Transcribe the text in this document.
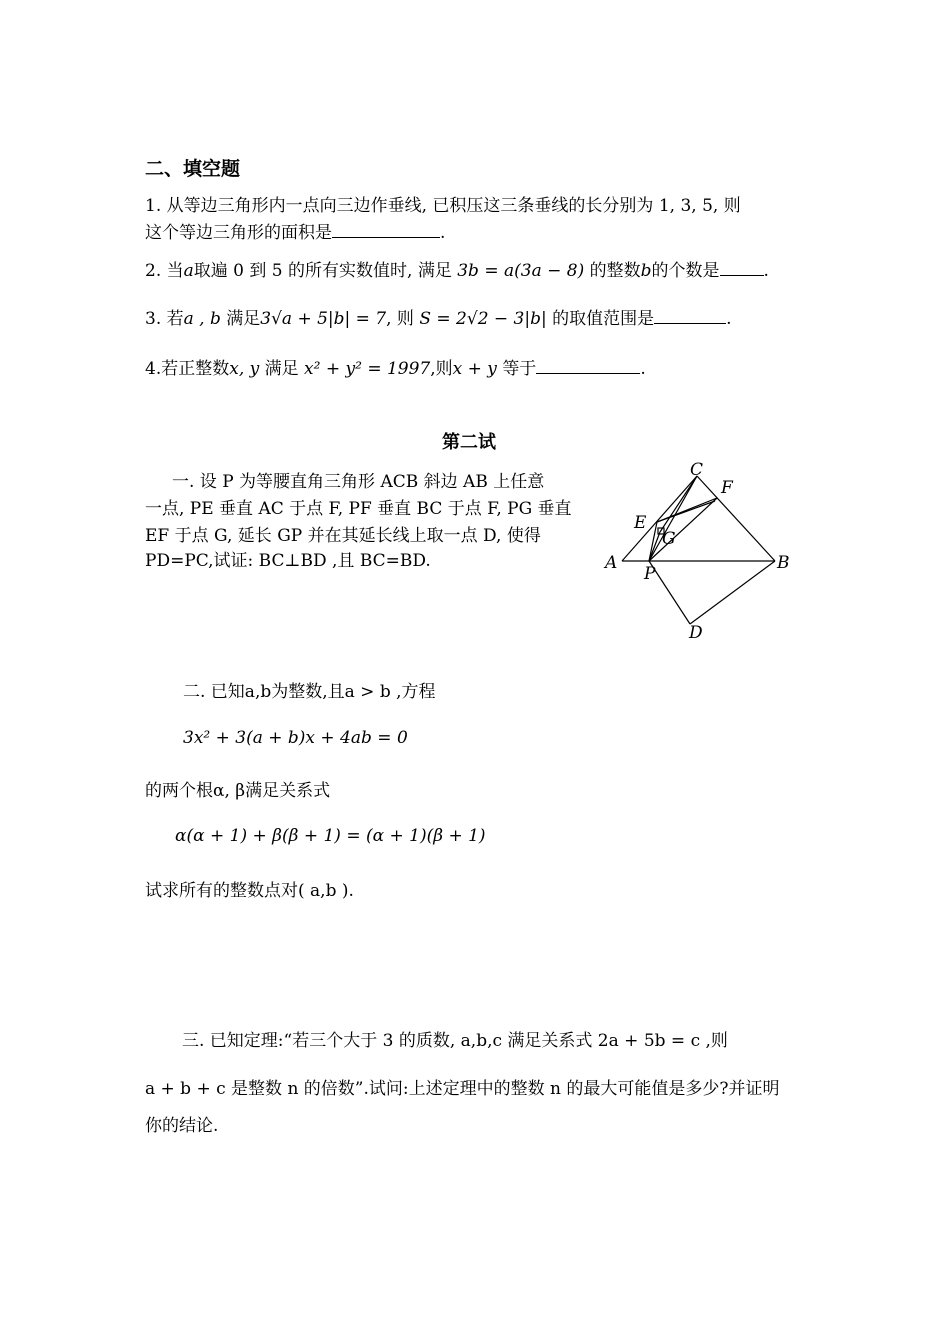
二、填空题
1. 从等边三角形内一点向三边作垂线, 已积压这三条垂线的长分别为 1, 3, 5, 则
这个等边三角形的面积是	.
2. 当a取遍 0 到 5 的所有实数值时, 满足 3b = a(3a − 8) 的整数b的个数是	.
3. 若a , b 满足3√a + 5|b| = 7, 则 S = 2√2 − 3|b| 的取值范围是	.
4.若正整数x, y 满足 x² + y² = 1997,则x + y 等于	.
第二试
一. 设 P 为等腰直角三角形 ACB 斜边 AB 上任意
一点, PE 垂直 AC 于点 F, PF 垂直 BC 于点 F, PG 垂直
EF 于点 G, 延长 GP 并在其延长线上取一点 D, 使得
PD=PC,试证: BC⊥BD ,且 BC=BD.	A	B
C
D
E
F
G
P
二. 已知a,b为整数,且a > b ,方程
3x² + 3(a + b)x + 4ab = 0
的两个根α, β满足关系式
α(α + 1) + β(β + 1) = (α + 1)(β + 1)
试求所有的整数点对( a,b ).
三. 已知定理:“若三个大于 3 的质数, a,b,c 满足关系式 2a + 5b = c ,则
a + b + c 是整数 n 的倍数”.试问:上述定理中的整数 n 的最大可能值是多少?并证明
你的结论.
